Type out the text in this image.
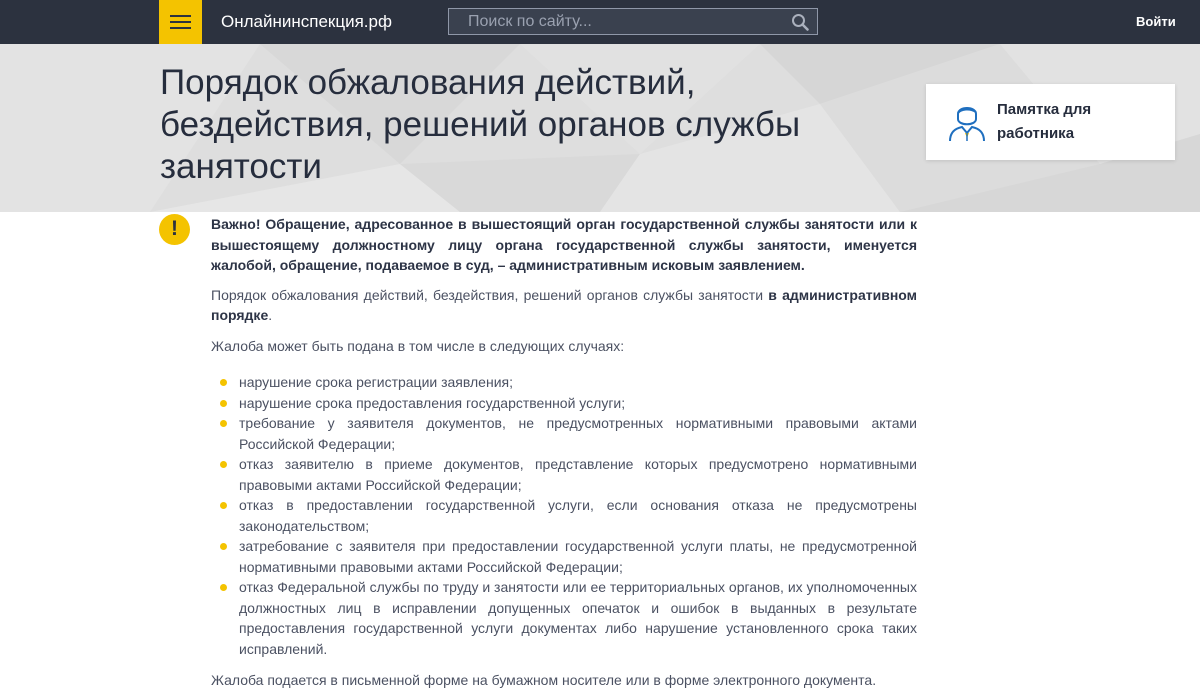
Онлайнинспекция.рф
Поиск по сайту...	Войти
Порядок обжалования действий, бездействия, решений органов службы занятости
Памятка для работника
!	Важно! Обращение, адресованное в вышестоящий орган государственной службы занятости или к вышестоящему должностному лицу органа государственной службы занятости, именуется жалобой, обращение, подаваемое в суд, – административным исковым заявлением.

Порядок обжалования действий, бездействия, решений органов службы занятости в административном порядке.

Жалоба может быть подана в том числе в следующих случаях:

нарушение срока регистрации заявления;
нарушение срока предоставления государственной услуги;
требование у заявителя документов, не предусмотренных нормативными правовыми актами Российской Федерации;
отказ заявителю в приеме документов, представление которых предусмотрено нормативными правовыми актами Российской Федерации;
отказ в предоставлении государственной услуги, если основания отказа не предусмотрены законодательством;
затребование с заявителя при предоставлении государственной услуги платы, не предусмотренной нормативными правовыми актами Российской Федерации;
отказ Федеральной службы по труду и занятости или ее территориальных органов, их уполномоченных должностных лиц в исправлении допущенных опечаток и ошибок в выданных в результате предоставления государственной услуги документах либо нарушение установленного срока таких исправлений.

Жалоба подается в письменной форме на бумажном носителе или в форме электронного документа.
